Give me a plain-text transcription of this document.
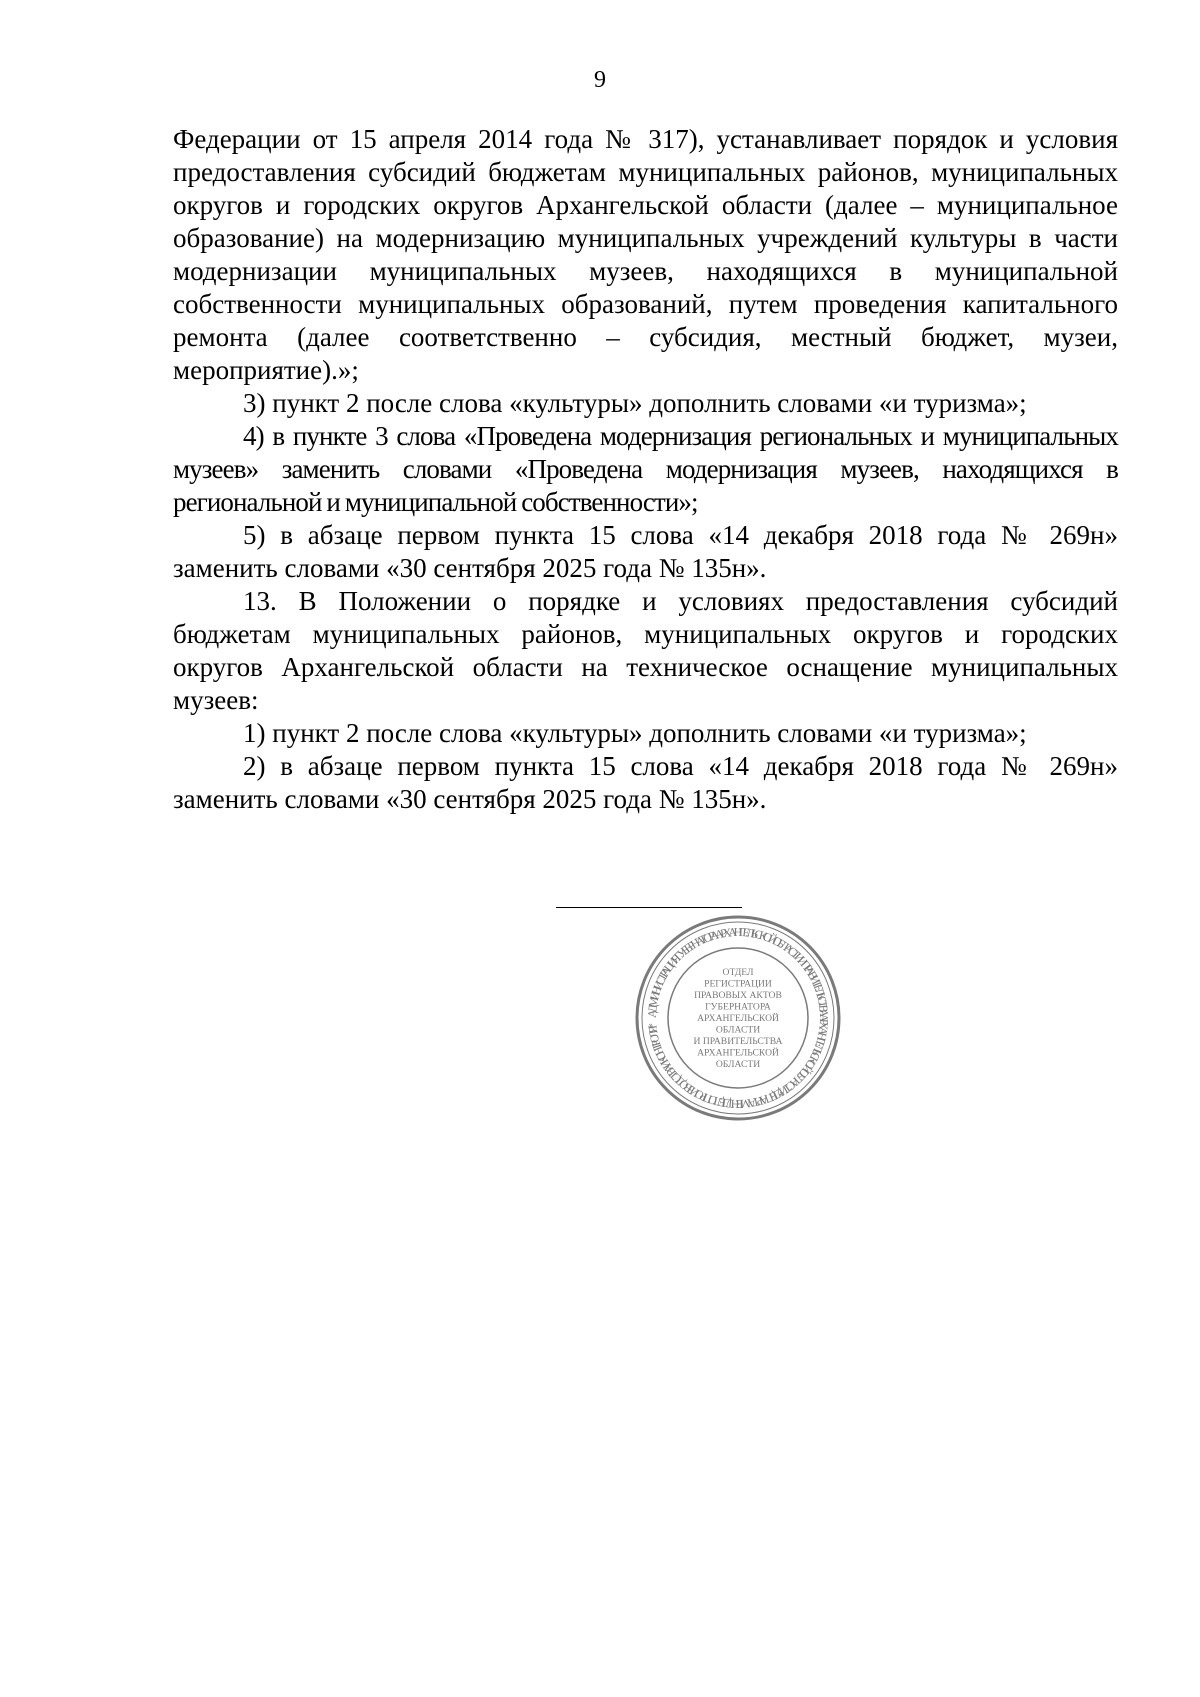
9

Федерации от 15 апреля 2014 года № 317), устанавливает порядок и условия предоставления субсидий бюджетам муниципальных районов, муниципальных округов и городских округов Архангельской области (далее – муниципальное образование) на модернизацию муниципальных учреждений культуры в части модернизации муниципальных музеев, находящихся в муниципальной собственности муниципальных образований, путем проведения капитального ремонта (далее соответственно – субсидия, местный бюджет, музеи, мероприятие).»;

3) пункт 2 после слова «культуры» дополнить словами «и туризма»;

4) в пункте 3 слова «Проведена модернизация региональных и муниципальных музеев» заменить словами «Проведена модернизация музеев, находящихся в региональной и муниципальной собственности»;

5) в абзаце первом пункта 15 слова «14 декабря 2018 года № 269н» заменить словами «30 сентября 2025 года № 135н».

13. В Положении о порядке и условиях предоставления субсидий бюджетам муниципальных районов, муниципальных округов и городских округов Архангельской области на техническое оснащение муниципальных музеев:

1) пункт 2 после слова «культуры» дополнить словами «и туризма»;

2) в абзаце первом пункта 15 слова «14 декабря 2018 года № 269н» заменить словами «30 сентября 2025 года № 135н».

АДМИНИСТРАЦИЯ ГУБЕРНАТОРА АРХАНГЕЛЬСКОЙ ОБЛАСТИ И ПРАВИТЕЛЬСТВА АРХАНГЕЛЬСКОЙ ОБЛАСТИ * ДЕПАРТАМЕНТ ДЕЛОПРОИЗВОДСТВА И КОНТРОЛЯ *
ОТДЕЛ
РЕГИСТРАЦИИ
ПРАВОВЫХ АКТОВ
ГУБЕРНАТОРА
АРХАНГЕЛЬСКОЙ
ОБЛАСТИ
И ПРАВИТЕЛЬСТВА
АРХАНГЕЛЬСКОЙ
ОБЛАСТИ
